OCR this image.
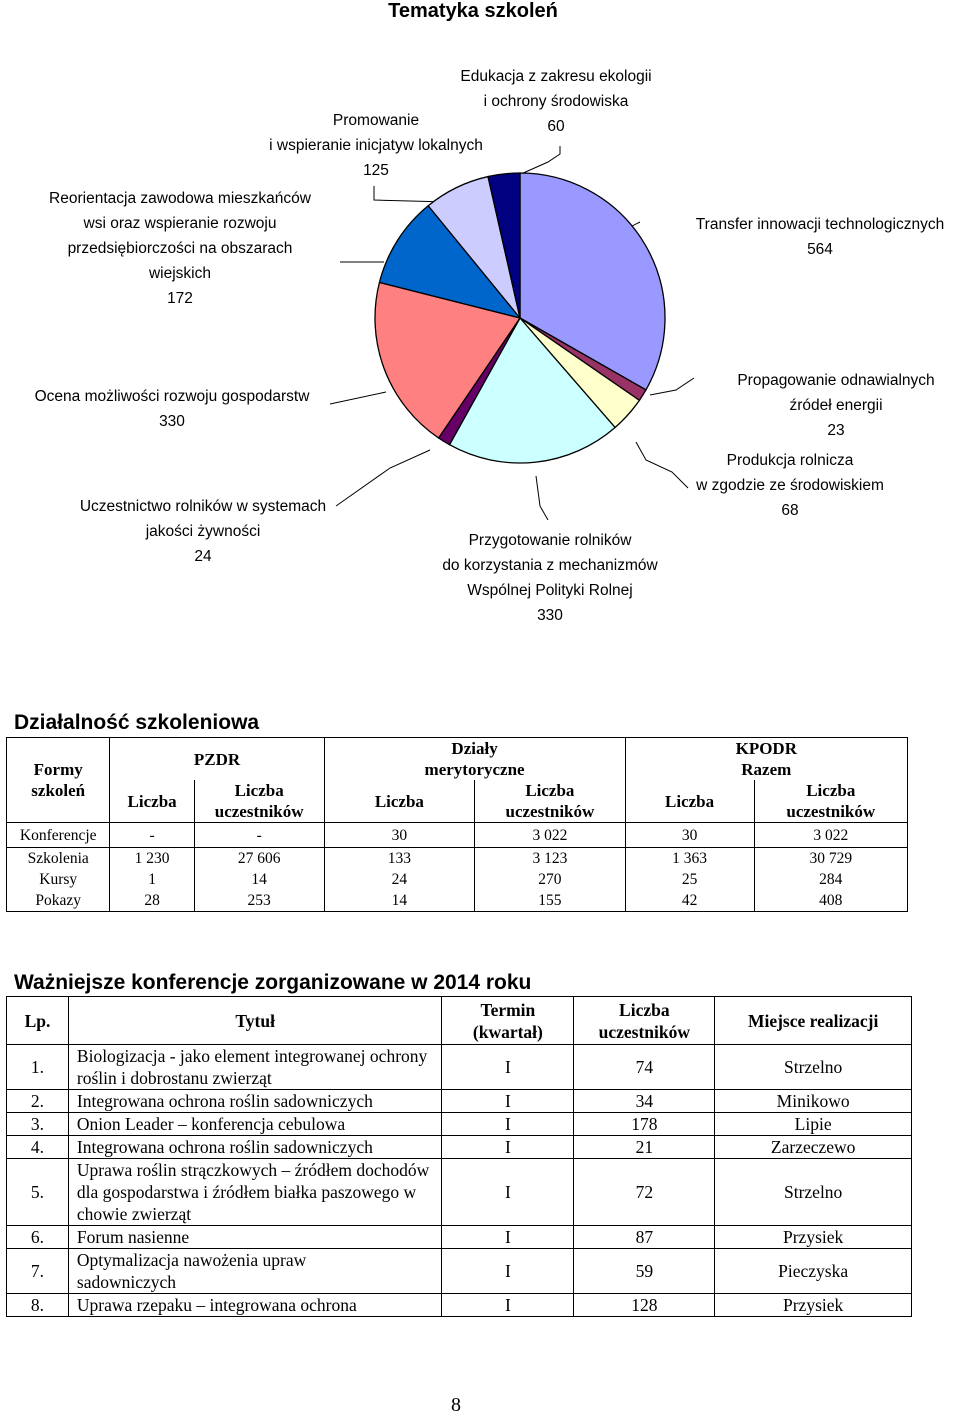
Tematyka szkoleń
Transfer innowacji technologicznych
564
Propagowanie odnawialnych
źródeł energii
23
Produkcja rolnicza
w zgodzie ze środowiskiem
68
Przygotowanie rolników
do korzystania z mechanizmów
Wspólnej Polityki Rolnej
330
Uczestnictwo rolników w systemach
jakości żywności
24
Ocena możliwości rozwoju gospodarstw
330
Reorientacja zawodowa mieszkańców
wsi oraz wspieranie rozwoju
przedsiębiorczości na obszarach
wiejskich
172
Promowanie
i wspieranie inicjatyw lokalnych
125
Edukacja z zakresu ekologii
i ochrony środowiska
60
Działalność szkoleniowa
Formy szkoleń	PZDR		Działy merytoryczne		KPODR Razem	
	Liczba	Liczba uczestników	Liczba	Liczba uczestników	Liczba	Liczba uczestników
Konferencje	-	-	30	3 022	30	3 022
Szkolenia	1 230	27 606	133	3 123	1 363	30 729
Kursy	1	14	24	270	25	284
Pokazy	28	253	14	155	42	408
Ważniejsze konferencje zorganizowane w 2014 roku
Lp.	Tytuł	Termin (kwartał)	Liczba uczestników	Miejsce realizacji
1.	Biologizacja - jako element integrowanej ochrony roślin i dobrostanu zwierząt	I	74	Strzelno
2.	Integrowana ochrona roślin sadowniczych	I	34	Minikowo
3.	Onion Leader – konferencja cebulowa	I	178	Lipie
4.	Integrowana ochrona roślin sadowniczych	I	21	Zarzeczewo
5.	Uprawa roślin strączkowych – źródłem dochodów dla gospodarstwa i źródłem białka paszowego w chowie zwierząt	I	72	Strzelno
6.	Forum nasienne	I	87	Przysiek
7.	Optymalizacja nawożenia upraw sadowniczych	I	59	Pieczyska
8.	Uprawa rzepaku – integrowana ochrona	I	128	Przysiek
8
